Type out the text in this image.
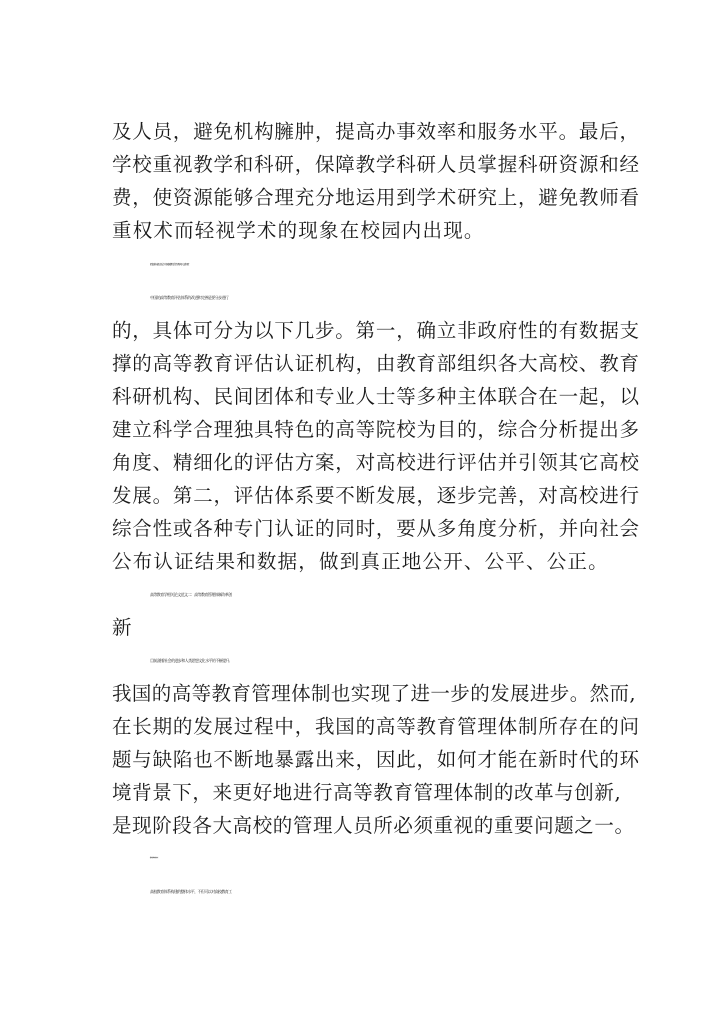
及人员，避免机构臃肿，提高办事效率和服务水平。最后，
学校重视教学和科研，保障教学科研人员掌握科研资源和经
费，使资源能够合理充分地运用到学术研究上，避免教师看
重权术而轻视学术的现象在校园内出现。
(四)逐步建立适合中国国情的高等教育认证制度
中国的高等教育评估体系的改进和完善是要分步进行
的，具体可分为以下几步。第一，确立非政府性的有数据支
撑的高等教育评估认证机构，由教育部组织各大高校、教育
科研机构、民间团体和专业人士等多种主体联合在一起，以
建立科学合理独具特色的高等院校为目的，综合分析提出多
角度、精细化的评估方案，对高校进行评估并引领其它高校
发展。第二，评估体系要不断发展，逐步完善，对高校进行
综合性或各种专门认证的同时，要从多角度分析，并向社会
公布认证结果和数据，做到真正地公开、公平、公正。
高等教育学相关论文范文二：高等教育管理体制改革创
新
目前,随着社会的进步和人类思想文化水平的不断提升,
我国的高等教育管理体制也实现了进一步的发展进步。然而,
在长期的发展过程中，我国的高等教育管理体制所存在的问
题与缺陷也不断地暴露出来，因此，如何才能在新时代的环
境背景下，来更好地进行高等教育管理体制的改革与创新,
是现阶段各大高校的管理人员所必须重视的重要问题之一。
1 我国高等教育管理体制的改革创新的现状分析
高校教育体系构建的整体水平，不但可以对高校教育工
